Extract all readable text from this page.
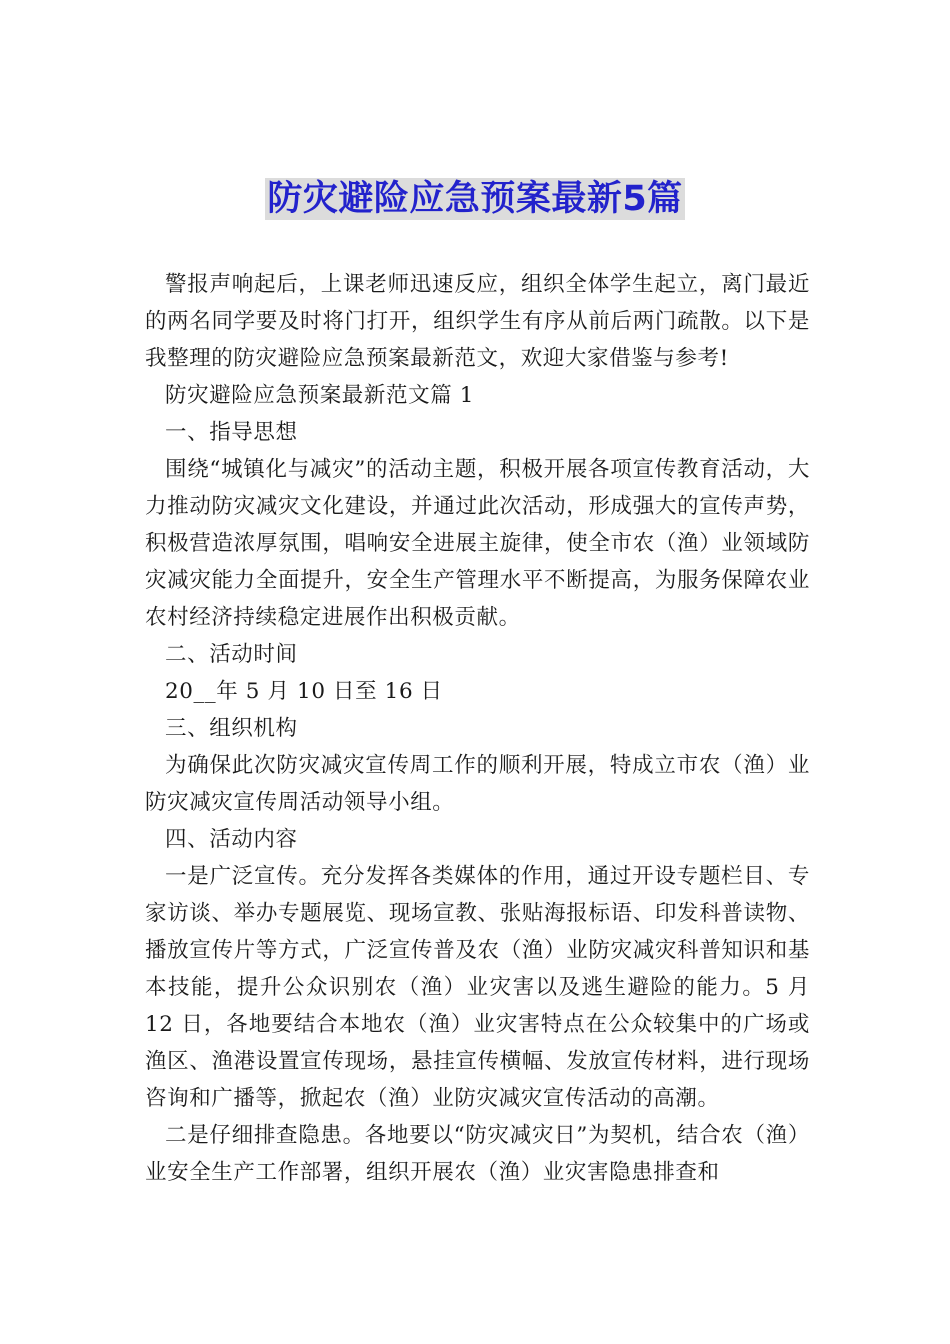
防灾避险应急预案最新5篇

警报声响起后，上课老师迅速反应，组织全体学生起立，离门最近的两名同学要及时将门打开，组织学生有序从前后两门疏散。以下是我整理的防灾避险应急预案最新范文，欢迎大家借鉴与参考!

防灾避险应急预案最新范文篇 1

一、指导思想

围绕“城镇化与减灾”的活动主题，积极开展各项宣传教育活动，大力推动防灾减灾文化建设，并通过此次活动，形成强大的宣传声势，积极营造浓厚氛围，唱响安全进展主旋律，使全市农（渔）业领域防灾减灾能力全面提升，安全生产管理水平不断提高，为服务保障农业农村经济持续稳定进展作出积极贡献。

二、活动时间

20__年 5 月 10 日至 16 日

三、组织机构

为确保此次防灾减灾宣传周工作的顺利开展，特成立市农（渔）业防灾减灾宣传周活动领导小组。

四、活动内容

一是广泛宣传。充分发挥各类媒体的作用，通过开设专题栏目、专家访谈、举办专题展览、现场宣教、张贴海报标语、印发科普读物、播放宣传片等方式，广泛宣传普及农（渔）业防灾减灾科普知识和基本技能，提升公众识别农（渔）业灾害以及逃生避险的能力。5 月 12 日，各地要结合本地农（渔）业灾害特点在公众较集中的广场或渔区、渔港设置宣传现场，悬挂宣传横幅、发放宣传材料，进行现场咨询和广播等，掀起农（渔）业防灾减灾宣传活动的高潮。

二是仔细排查隐患。各地要以“防灾减灾日”为契机，结合农（渔）业安全生产工作部署，组织开展农（渔）业灾害隐患排查和
